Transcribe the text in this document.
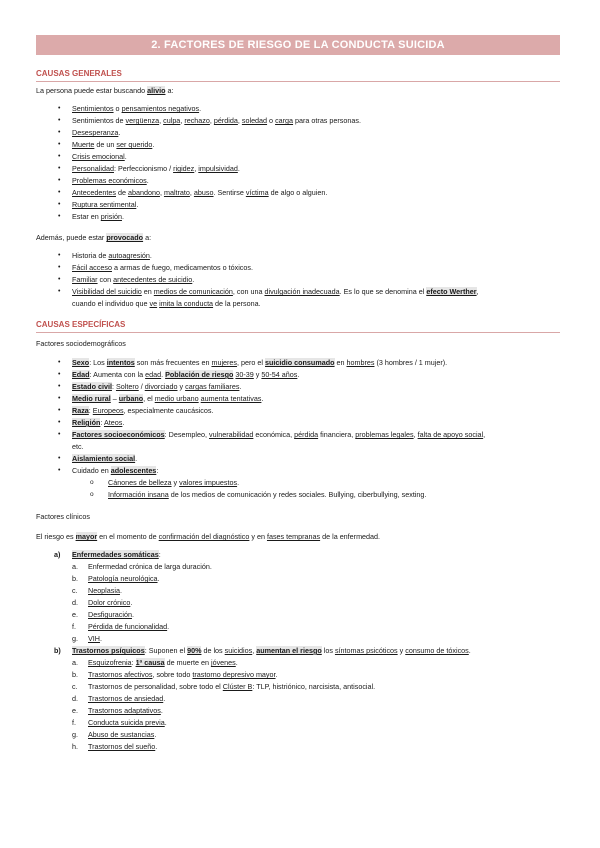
2. FACTORES DE RIESGO DE LA CONDUCTA SUICIDA
CAUSAS GENERALES
La persona puede estar buscando alivio a:
• Sentimientos o pensamientos negativos.
• Sentimientos de vergüenza, culpa, rechazo, pérdida, soledad o carga para otras personas.
• Desesperanza.
• Muerte de un ser querido.
• Crisis emocional.
• Personalidad: Perfeccionismo / rigidez, impulsividad.
• Problemas económicos.
• Antecedentes de abandono, maltrato, abuso. Sentirse víctima de algo o alguien.
• Ruptura sentimental.
• Estar en prisión.
Además, puede estar provocado a:
• Historia de autoagresión.
• Fácil acceso a armas de fuego, medicamentos o tóxicos.
• Familiar con antecedentes de suicidio.
• Visibilidad del suicidio en medios de comunicación, con una divulgación inadecuada. Es lo que se denomina el efecto Werther,
cuando el individuo que ve imita la conducta de la persona.
CAUSAS ESPECÍFICAS
Factores sociodemográficos
• Sexo: Los intentos son más frecuentes en mujeres, pero el suicidio consumado en hombres (3 hombres / 1 mujer).
• Edad: Aumenta con la edad. Población de riesgo 30-39 y 50-54 años.
• Estado civil: Soltero / divorciado y cargas familiares.
• Medio rural – urbano, el medio urbano aumenta tentativas.
• Raza: Europeos, especialmente caucásicos.
• Religión: Ateos.
• Factores socioeconómicos: Desempleo, vulnerabilidad económica, pérdida financiera, problemas legales, falta de apoyo social,
etc.
• Aislamiento social.
• Cuidado en adolescentes:
o Cánones de belleza y valores impuestos.
o Información insana de los medios de comunicación y redes sociales. Bullying, ciberbullying, sexting.
Factores clínicos
El riesgo es mayor en el momento de confirmación del diagnóstico y en fases tempranas de la enfermedad.
a) Enfermedades somáticas:
a. Enfermedad crónica de larga duración.
b. Patología neurológica.
c. Neoplasia.
d. Dolor crónico.
e. Desfiguración.
f. Pérdida de funcionalidad.
g. VIH.
b) Trastornos psíquicos: Suponen el 90% de los suicidios, aumentan el riesgo los síntomas psicóticos y consumo de tóxicos.
a. Esquizofrenia: 1ª causa de muerte en jóvenes.
b. Trastornos afectivos, sobre todo trastorno depresivo mayor.
c. Trastornos de personalidad, sobre todo el Clúster B: TLP, histriónico, narcisista, antisocial.
d. Trastornos de ansiedad.
e. Trastornos adaptativos.
f. Conducta suicida previa.
g. Abuso de sustancias.
h. Trastornos del sueño.
